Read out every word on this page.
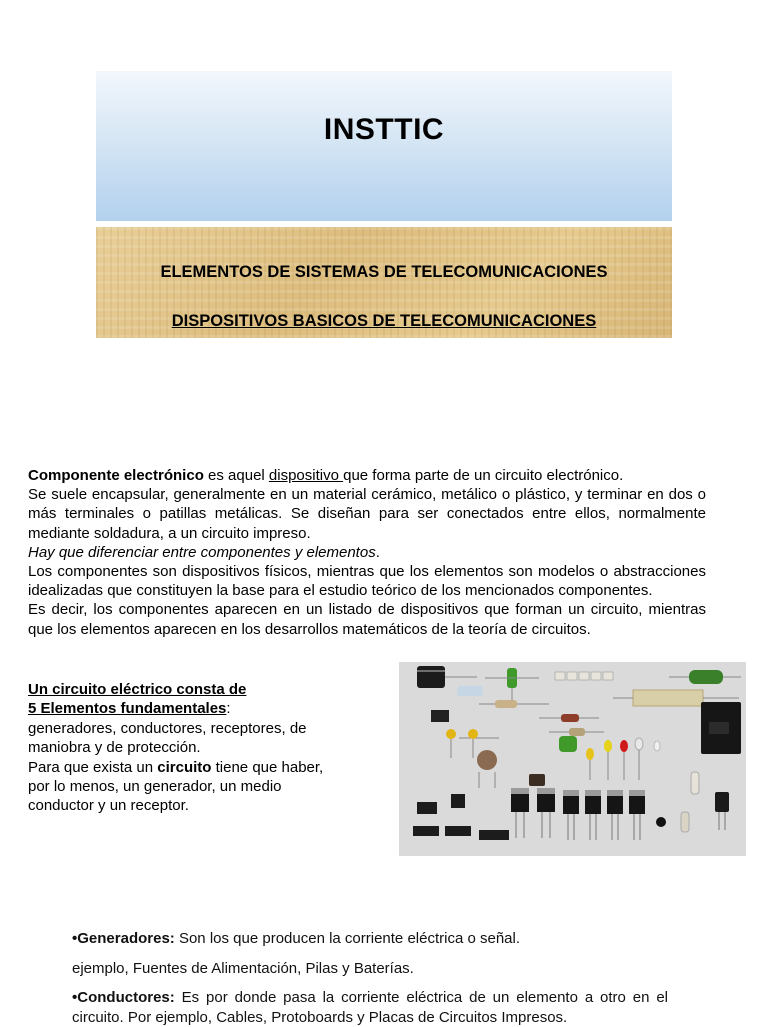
INSTTIC
ELEMENTOS DE SISTEMAS DE TELECOMUNICACIONES
DISPOSITIVOS BASICOS DE TELECOMUNICACIONES

Componente electrónico es aquel dispositivo que forma parte de un circuito electrónico.

Se suele encapsular, generalmente en un material cerámico, metálico o plástico, y terminar en dos o más terminales o patillas metálicas. Se diseñan para ser conectados entre ellos, normalmente mediante soldadura, a un circuito impreso.

Hay que diferenciar entre componentes y elementos.

Los componentes son dispositivos físicos, mientras que los elementos son modelos o abstracciones idealizadas que constituyen la base para el estudio teórico de los mencionados componentes.

Es decir, los componentes aparecen en un listado de dispositivos que forman un circuito, mientras que los elementos aparecen en los desarrollos matemáticos de la teoría de circuitos.

Un circuito eléctrico consta de

5 Elementos fundamentales:

generadores, conductores, receptores, de maniobra y de protección.

Para que exista un circuito tiene que haber, por lo menos, un generador, un medio conductor y un receptor.

•Generadores: Son los que producen la corriente eléctrica o señal.

ejemplo, Fuentes de Alimentación, Pilas y Baterías.

•Conductores: Es por donde pasa la corriente eléctrica de un elemento a otro en el circuito. Por ejemplo, Cables, Protoboards y Placas de Circuitos Impresos.
